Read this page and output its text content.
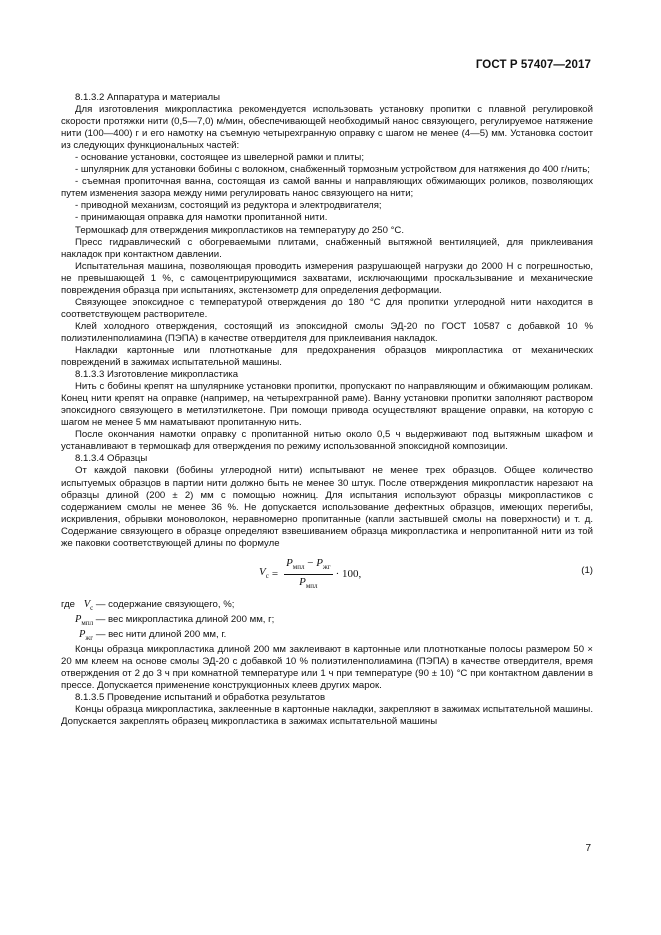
ГОСТ Р 57407—2017

8.1.3.2 Аппаратура и материалы

Для изготовления микропластика рекомендуется использовать установку пропитки с плавной регулировкой скорости протяжки нити (0,5—7,0) м/мин, обеспечивающей необходимый нанос связующего, регулируемое натяжение нити (100—400) г и его намотку на съемную четырехгранную оправку с шагом не менее (4—5) мм. Установка состоит из следующих функциональных частей:

- основание установки, состоящее из швелерной рамки и плиты;

- шпулярник для установки бобины с волокном, снабженный тормозным устройством для натяжения до 400 г/нить;

- съемная пропиточная ванна, состоящая из самой ванны и направляющих обжимающих роликов, позволяющих путем изменения зазора между ними регулировать нанос связующего на нити;

- приводной механизм, состоящий из редуктора и электродвигателя;

- принимающая оправка для намотки пропитанной нити.

Термошкаф для отверждения микропластиков на температуру до 250 °С.

Пресс гидравлический с обогреваемыми плитами, снабженный вытяжной вентиляцией, для приклеивания накладок при контактном давлении.

Испытательная машина, позволяющая проводить измерения разрушающей нагрузки до 2000 Н с погрешностью, не превышающей 1 %, с самоцентрирующимися захватами, исключающими проскальзывание и механические повреждения образца при испытаниях, экстензометр для определения деформации.

Связующее эпоксидное с температурой отверждения до 180 °С для пропитки углеродной нити находится в соответствующем растворителе.

Клей холодного отверждения, состоящий из эпоксидной смолы ЭД-20 по ГОСТ 10587 с добавкой 10 % полиэтиленполиамина (ПЭПА) в качестве отвердителя для приклеивания накладок.

Накладки картонные или плотнотканые для предохранения образцов микропластика от механических повреждений в зажимах испытательной машины.

8.1.3.3 Изготовление микропластика

Нить с бобины крепят на шпулярнике установки пропитки, пропускают по направляющим и обжимающим роликам. Конец нити крепят на оправке (например, на четырехгранной раме). Ванну установки пропитки заполняют раствором эпоксидного связующего в метилэтилкетоне. При помощи привода осуществляют вращение оправки, на которую с шагом не менее 5 мм наматывают пропитанную нить.

После окончания намотки оправку с пропитанной нитью около 0,5 ч выдерживают под вытяжным шкафом и устанавливают в термошкаф для отверждения по режиму использованной эпоксидной композиции.

8.1.3.4 Образцы

От каждой паковки (бобины углеродной нити) испытывают не менее трех образцов. Общее количество испытуемых образцов в партии нити должно быть не менее 30 штук. После отверждения микропластик нарезают на образцы длиной (200 ± 2) мм с помощью ножниц. Для испытания используют образцы микропластиков с содержанием смолы не менее 36 %. Не допускается использование дефектных образцов, имеющих перегибы, искривления, обрывки моноволокон, неравномерно пропитанные (капли застывшей смолы на поверхности) и т. д. Содержание связующего в образце определяют взвешиванием образца микропластика и непропитанной нити из той же паковки соответствующей длины по формуле

$V_с = \frac{P_{мпл} - P_{жг}}{P_{мпл}} \cdot 100$,	(1)
где $V_с$ — содержание связующего, %;
$P_{мпл}$ — вес микропластика длиной 200 мм, г;
$P_{жг}$ — вес нити длиной 200 мм, г.

Концы образца микропластика длиной 200 мм заклеивают в картонные или плотнотканые полосы размером 50 × 20 мм клеем на основе смолы ЭД-20 с добавкой 10 % полиэтиленполиамина (ПЭПА) в качестве отвердителя, время отверждения от 2 до 3 ч при комнатной температуре или 1 ч при температуре (90 ± 10) °С при контактном давлении в прессе. Допускается применение конструкционных клеев других марок.

8.1.3.5 Проведение испытаний и обработка результатов

Концы образца микропластика, заклеенные в картонные накладки, закрепляют в зажимах испытательной машины. Допускается закреплять образец микропластика в зажимах испытательной машины

7
